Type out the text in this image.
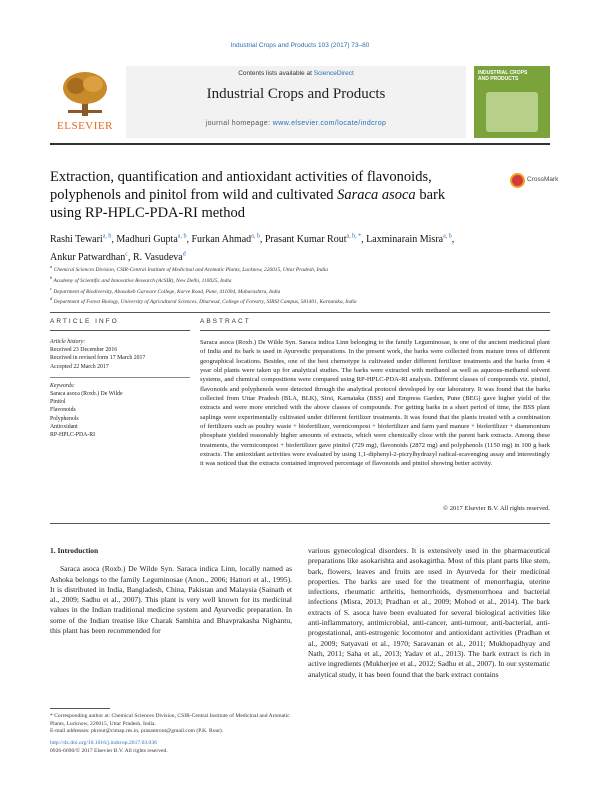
Industrial Crops and Products 103 (2017) 73–80
ELSEVIER
Contents lists available at ScienceDirect
Industrial Crops and Products
journal homepage: www.elsevier.com/locate/indcrop
INDUSTRIAL CROPS AND PRODUCTS
Extraction, quantification and antioxidant activities of flavonoids, polyphenols and pinitol from wild and cultivated Saraca asoca bark using RP-HPLC-PDA-RI method
CrossMark
Rashi Tewari$^{a, b}$, Madhuri Gupta$^{a, b}$, Furkan Ahmad$^{a, b}$, Prasant Kumar Rout$^{a, b, *}$, Laxminarain Misra$^{a, b}$, Ankur Patwardhan$^c$, R. Vasudeva$^d$
$^a$ Chemical Sciences Division, CSIR-Central Institute of Medicinal and Aromatic Plants, Lucknow, 226015, Uttar Pradesh, India
$^b$ Academy of Scientific and Innovative Research (AcSIR), New Delhi, 110025, India
$^c$ Department of Biodiversity, Abasaheb Garware College, Karve Road, Pune, 411004, Maharashtra, India
$^d$ Department of Forest Biology, University of Agricultural Sciences, Dharwad, College of Forestry, SIRSI Campus, 581401, Karnataka, India
ARTICLE INFO	ABSTRACT
Article history:
Received 23 December 2016
Received in revised form 17 March 2017
Accepted 22 March 2017
Keywords:
Saraca asoca (Roxb.) De Wilde
Pinitol
Flavonoids
Polyphenols
Antioxidant
RP-HPLC-PDA-RI
Saraca asoca (Roxb.) De Wilde Syn. Saraca indica Linn belonging to the family Leguminosae, is one of the ancient medicinal plant of India and its bark is used in Ayurvedic preparations. In the present work, the barks were collected from mature trees of different geographical locations. Besides, one of the best chemotype is cultivated under different fertilizer treatments and the barks from 4 year old plants were taken up for analytical studies. The barks were extracted with methanol as well as aqueous-methanol solvent systems, and chemical compositions were compared using RP-HPLC-PDA-RI analysis. Different classes of compounds viz. pinitol, flavonoids and polyphenols were detected through the analytical protocol developed by our laboratory. It was found that the barks collected from Uttar Pradesh (BLA, BLK), Sirsi, Karnataka (BSS) and Empress Garden, Pune (BEG) gave higher yield of the extracts and were more enriched with the above classes of compounds. For getting barks in a short period of time, the BSS plant saplings were experimentally cultivated under different fertilizer treatments. It was found that the plants treated with a combination of fertilizers such as poultry waste + biofertilizer, vermicompost + biofertilizer and farm yard manure + biofertilizer + diammonium phosphate yielded reasonably higher amounts of extracts, which were chemically close with the parent bark extracts. Among these treatments, the vermicompost + biofertilizer gave pinitol (729 mg), flavonoids (2872 mg) and polyphenols (1150 mg) in 100 g bark extracts. The antioxidant activities were evaluated by using 1,1-diphenyl-2-picrylhydrazyl radical-scavenging assay and interestingly it was noticed that the extracts contained improved percentage of flavonoids and pinitol showing better activity.
© 2017 Elsevier B.V. All rights reserved.
1. Introduction

Saraca asoca (Roxb.) De Wilde Syn. Saraca indica Linn, locally named as Ashoka belongs to the family Leguminosae (Anon., 2006; Hattori et al., 1995). It is distributed in India, Bangladesh, China, Pakistan and Malaysia (Sainath et al., 2009; Sadhu et al., 2007). This plant is very well known for its medicinal values in the Indian traditional medicine system and Ayurvedic preparation. In some of the Indian treatise like Charak Samhita and Bhavprakasha Nighantu, this plant has been recommended for

various gynecological disorders. It is extensively used in the pharmaceutical preparations like asokarishta and asokagirtha. Most of this plant parts like stem, bark, flowers, leaves and fruits are used in Ayurveda for their medicinal properties. The barks are used for the treatment of menorrhagia, uterine infections, rheumatic arthritis, hemorrhoids, dysmenorrhoea and bacterial infections (Misra, 2013; Pradhan et al., 2009; Mohod et al., 2014). The bark extracts of S. asoca have been evaluated for several biological activities like anti-inflammatory, antimicrobial, anti-cancer, anti-tumour, anti-bacterial, anti-progestational, anti-estrogenic locomotor and antioxidant activities (Pradhan et al., 2009; Satyavati et al., 1970; Saravanan et al., 2011; Mukhopadhyay and Nath, 2011; Saha et al., 2013; Yadav et al., 2013). The bark extract is rich in active ingredients (Mukherjee et al., 2012; Sadhu et al., 2007). In our systematic analytical study, it has been found that the bark extract contains

* Corresponding author at: Chemical Sciences Division, CSIR-Central Institute of Medicinal and Aromatic Plants, Lucknow, 226015, Uttar Pradesh, India.
E-mail addresses: pkrout@cimap.res.in, prasantrout@gmail.com (P.K. Rout).
http://dx.doi.org/10.1016/j.indcrop.2017.03.036
0926-6690/© 2017 Elsevier B.V. All rights reserved.
